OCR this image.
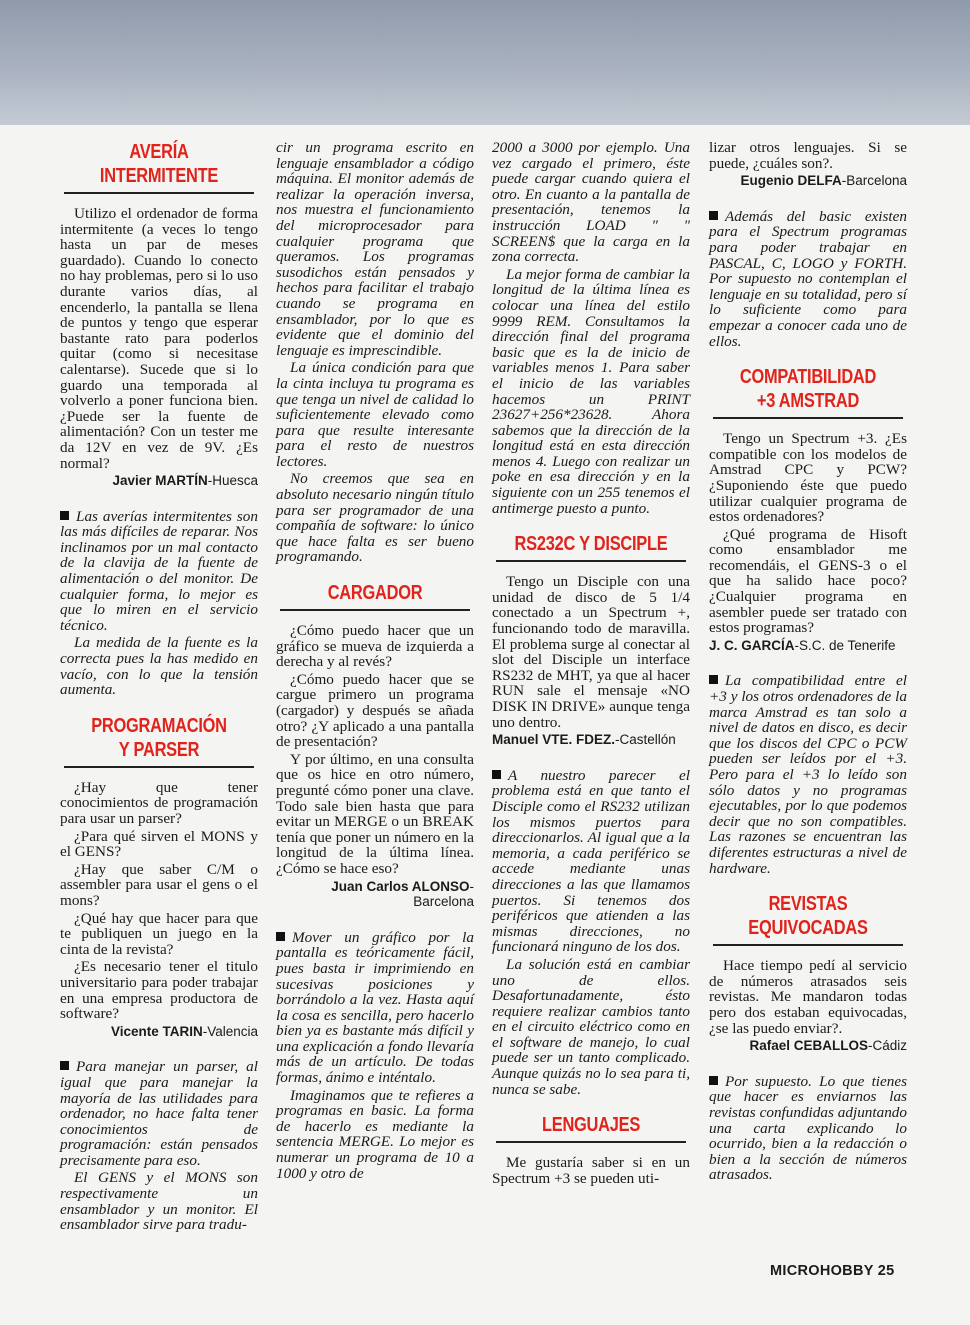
AVERÍA
INTERMITENTE

Utilizo el ordenador de forma intermitente (a veces lo tengo hasta un par de meses guardado). Cuando lo conecto no hay problemas, pero si lo uso durante varios días, al encenderlo, la pantalla se llena de puntos y tengo que esperar bastante rato para poderlos quitar (como si necesitase calentarse). Sucede que si lo guardo una temporada al volverlo a poner funciona bien. ¿Puede ser la fuente de alimentación? Con un tester me da 12V en vez de 9V. ¿Es normal?

Javier MARTÍN-Huesca

Las averías intermitentes son las más difíciles de reparar. Nos inclinamos por un mal contacto de la clavija de la fuente de alimentación o del monitor. De cualquier forma, lo mejor es que lo miren en el servicio técnico.

La medida de la fuente es la correcta pues la has medido en vacío, con lo que la tensión aumenta.

PROGRAMACIÓN
Y PARSER

¿Hay que tener conocimientos de programación para usar un parser?

¿Para qué sirven el MONS y el GENS?

¿Hay que saber C/M o assembler para usar el gens o el mons?

¿Qué hay que hacer para que te publiquen un juego en la cinta de la revista?

¿Es necesario tener el titulo universitario para poder trabajar en una empresa productora de software?

Vicente TARIN-Valencia

Para manejar un parser, al igual que para manejar la mayoría de las utilidades para ordenador, no hace falta tener conocimientos de programación: están pensados precisamente para eso.

El GENS y el MONS son respectivamente un ensamblador y un monitor. El ensamblador sirve para tradu-

cir un programa escrito en lenguaje ensamblador a código máquina. El monitor además de realizar la operación inversa, nos muestra el funcionamiento del microprocesador para cualquier programa que queramos. Los programas susodichos están pensados y hechos para facilitar el trabajo cuando se programa en ensamblador, por lo que es evidente que el dominio del lenguaje es imprescindible.

La única condición para que la cinta incluya tu programa es que tenga un nivel de calidad lo suficientemente elevado como para que resulte interesante para el resto de nuestros lectores.

No creemos que sea en absoluto necesario ningún título para ser programador de una compañía de software: lo único que hace falta es ser bueno programando.

CARGADOR

¿Cómo puedo hacer que un gráfico se mueva de izquierda a derecha y al revés?

¿Cómo puedo hacer que se cargue primero un programa (cargador) y después se añada otro? ¿Y aplicado a una pantalla de presentación?

Y por último, en una consulta que os hice en otro número, pregunté cómo poner una clave. Todo sale bien hasta que para evitar un MERGE o un BREAK tenía que poner un número en la longitud de la última línea. ¿Cómo se hace eso?

Juan Carlos ALONSO-Barcelona

Mover un gráfico por la pantalla es teóricamente fácil, pues basta ir imprimiendo en sucesivas posiciones y borrándolo a la vez. Hasta aquí la cosa es sencilla, pero hacerlo bien ya es bastante más difícil y una explicación a fondo llevaría más de un artículo. De todas formas, ánimo e inténtalo.

Imaginamos que te refieres a programas en basic. La forma de hacerlo es mediante la sentencia MERGE. Lo mejor es numerar un programa de 10 a 1000 y otro de

2000 a 3000 por ejemplo. Una vez cargado el primero, éste puede cargar cuando quiera el otro. En cuanto a la pantalla de presentación, tenemos la instrucción LOAD " " SCREEN$ que la carga en la zona correcta.

La mejor forma de cambiar la longitud de la última línea es colocar una línea del estilo 9999 REM. Consultamos la dirección final del programa basic que es la de inicio de variables menos 1. Para saber el inicio de las variables hacemos un PRINT 23627+256*23628. Ahora sabemos que la dirección de la longitud está en esta dirección menos 4. Luego con realizar un poke en esa dirección y en la siguiente con un 255 tenemos el antimerge puesto a punto.

RS232C Y DISCIPLE

Tengo un Disciple con una unidad de disco de 5 1/4 conectado a un Spectrum +, funcionando todo de maravilla. El problema surge al conectar al slot del Disciple un interface RS232 de MHT, ya que al hacer RUN sale el mensaje «NO DISK IN DRIVE» aunque tenga uno dentro.

Manuel VTE. FDEZ.-Castellón

A nuestro parecer el problema está en que tanto el Disciple como el RS232 utilizan los mismos puertos para direccionarlos. Al igual que a la memoria, a cada periférico se accede mediante unas direcciones a las que llamamos puertos. Si tenemos dos periféricos que atienden a las mismas direcciones, no funcionará ninguno de los dos.

La solución está en cambiar uno de ellos. Desafortunadamente, ésto requiere realizar cambios tanto en el circuito eléctrico como en el software de manejo, lo cual puede ser un tanto complicado. Aunque quizás no lo sea para ti, nunca se sabe.

LENGUAJES

Me gustaría saber si en un Spectrum +3 se pueden uti-

lizar otros lenguajes. Si se puede, ¿cuáles son?.

Eugenio DELFA-Barcelona

Además del basic existen para el Spectrum programas para poder trabajar en PASCAL, C, LOGO y FORTH. Por supuesto no contemplan el lenguaje en su totalidad, pero sí lo suficiente como para empezar a conocer cada uno de ellos.

COMPATIBILIDAD
+3 AMSTRAD

Tengo un Spectrum +3. ¿Es compatible con los modelos de Amstrad CPC y PCW? ¿Suponiendo éste que puedo utilizar cualquier programa de estos ordenadores?

¿Qué programa de Hisoft como ensamblador me recomendáis, el GENS-3 o el que ha salido hace poco? ¿Cualquier programa en asembler puede ser tratado con estos programas?

J. C. GARCÍA-S.C. de Tenerife

La compatibilidad entre el +3 y los otros ordenadores de la marca Amstrad es tan solo a nivel de datos en disco, es decir que los discos del CPC o PCW pueden ser leídos por el +3. Pero para el +3 lo leído son sólo datos y no programas ejecutables, por lo que podemos decir que no son compatibles. Las razones se encuentran las diferentes estructuras a nivel de hardware.

REVISTAS
EQUIVOCADAS

Hace tiempo pedí al servicio de números atrasados seis revistas. Me mandaron todas pero dos estaban equivocadas, ¿se las puedo enviar?.

Rafael CEBALLOS-Cádiz

Por supuesto. Lo que tienes que hacer es enviarnos las revistas confundidas adjuntando una carta explicando lo ocurrido, bien a la redacción o bien a la sección de números atrasados.

MICROHOBBY 25
